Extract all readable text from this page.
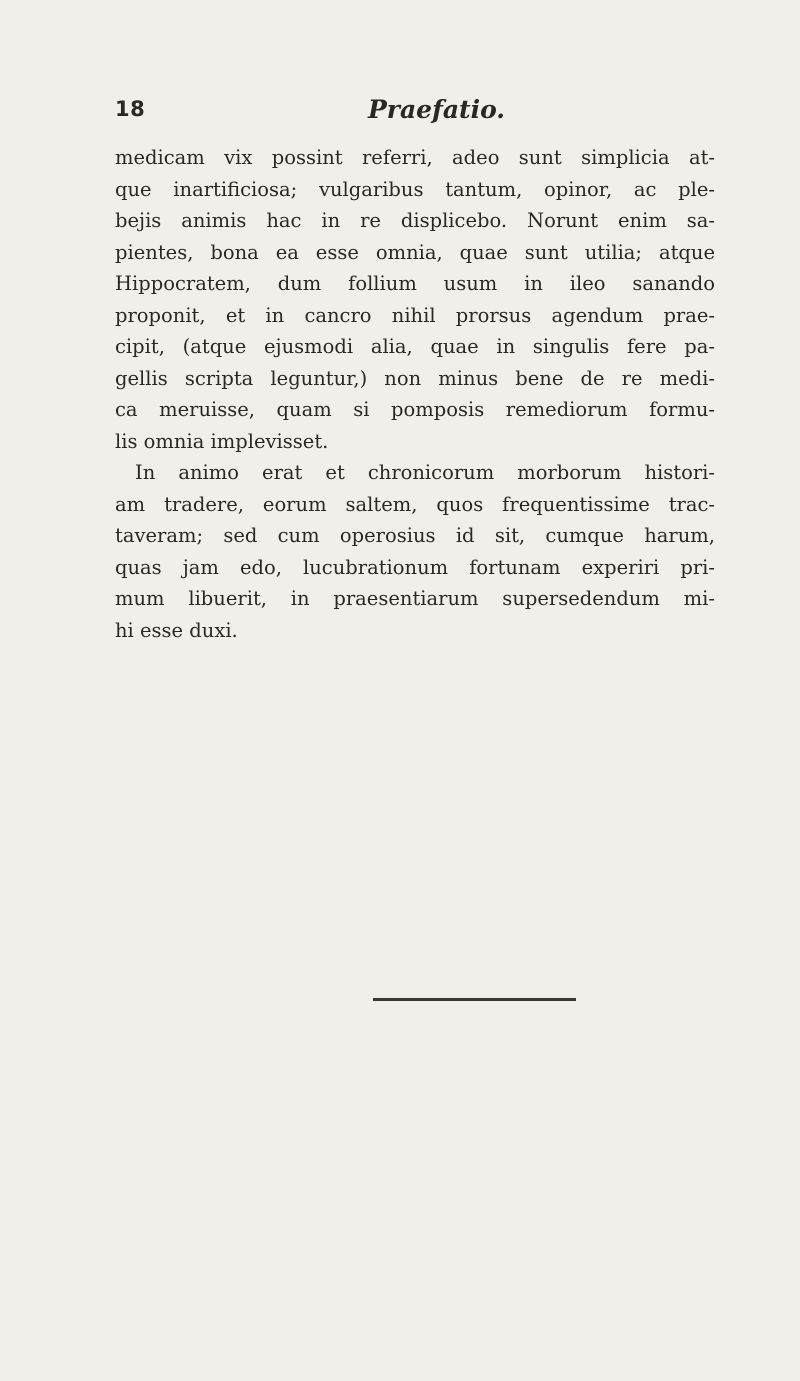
18	Praefatio.
medicam vix possint referri, adeo sunt simplicia at-
que inartificiosa; vulgaribus tantum, opinor, ac ple-
bejis animis hac in re displicebo. Norunt enim sa-
pientes, bona ea esse omnia, quae sunt utilia; atque
Hippocratem, dum follium usum in ileo sanando
proponit, et in cancro nihil prorsus agendum prae-
cipit, (atque ejusmodi alia, quae in singulis fere pa-
gellis scripta leguntur,) non minus bene de re medi-
ca meruisse, quam si pomposis remediorum formu-
lis omnia implevisset.
In animo erat et chronicorum morborum histori-
am tradere, eorum saltem, quos frequentissime trac-
taveram; sed cum operosius id sit, cumque harum,
quas jam edo, lucubrationum fortunam experiri pri-
mum libuerit, in praesentiarum supersedendum mi-
hi esse duxi.
